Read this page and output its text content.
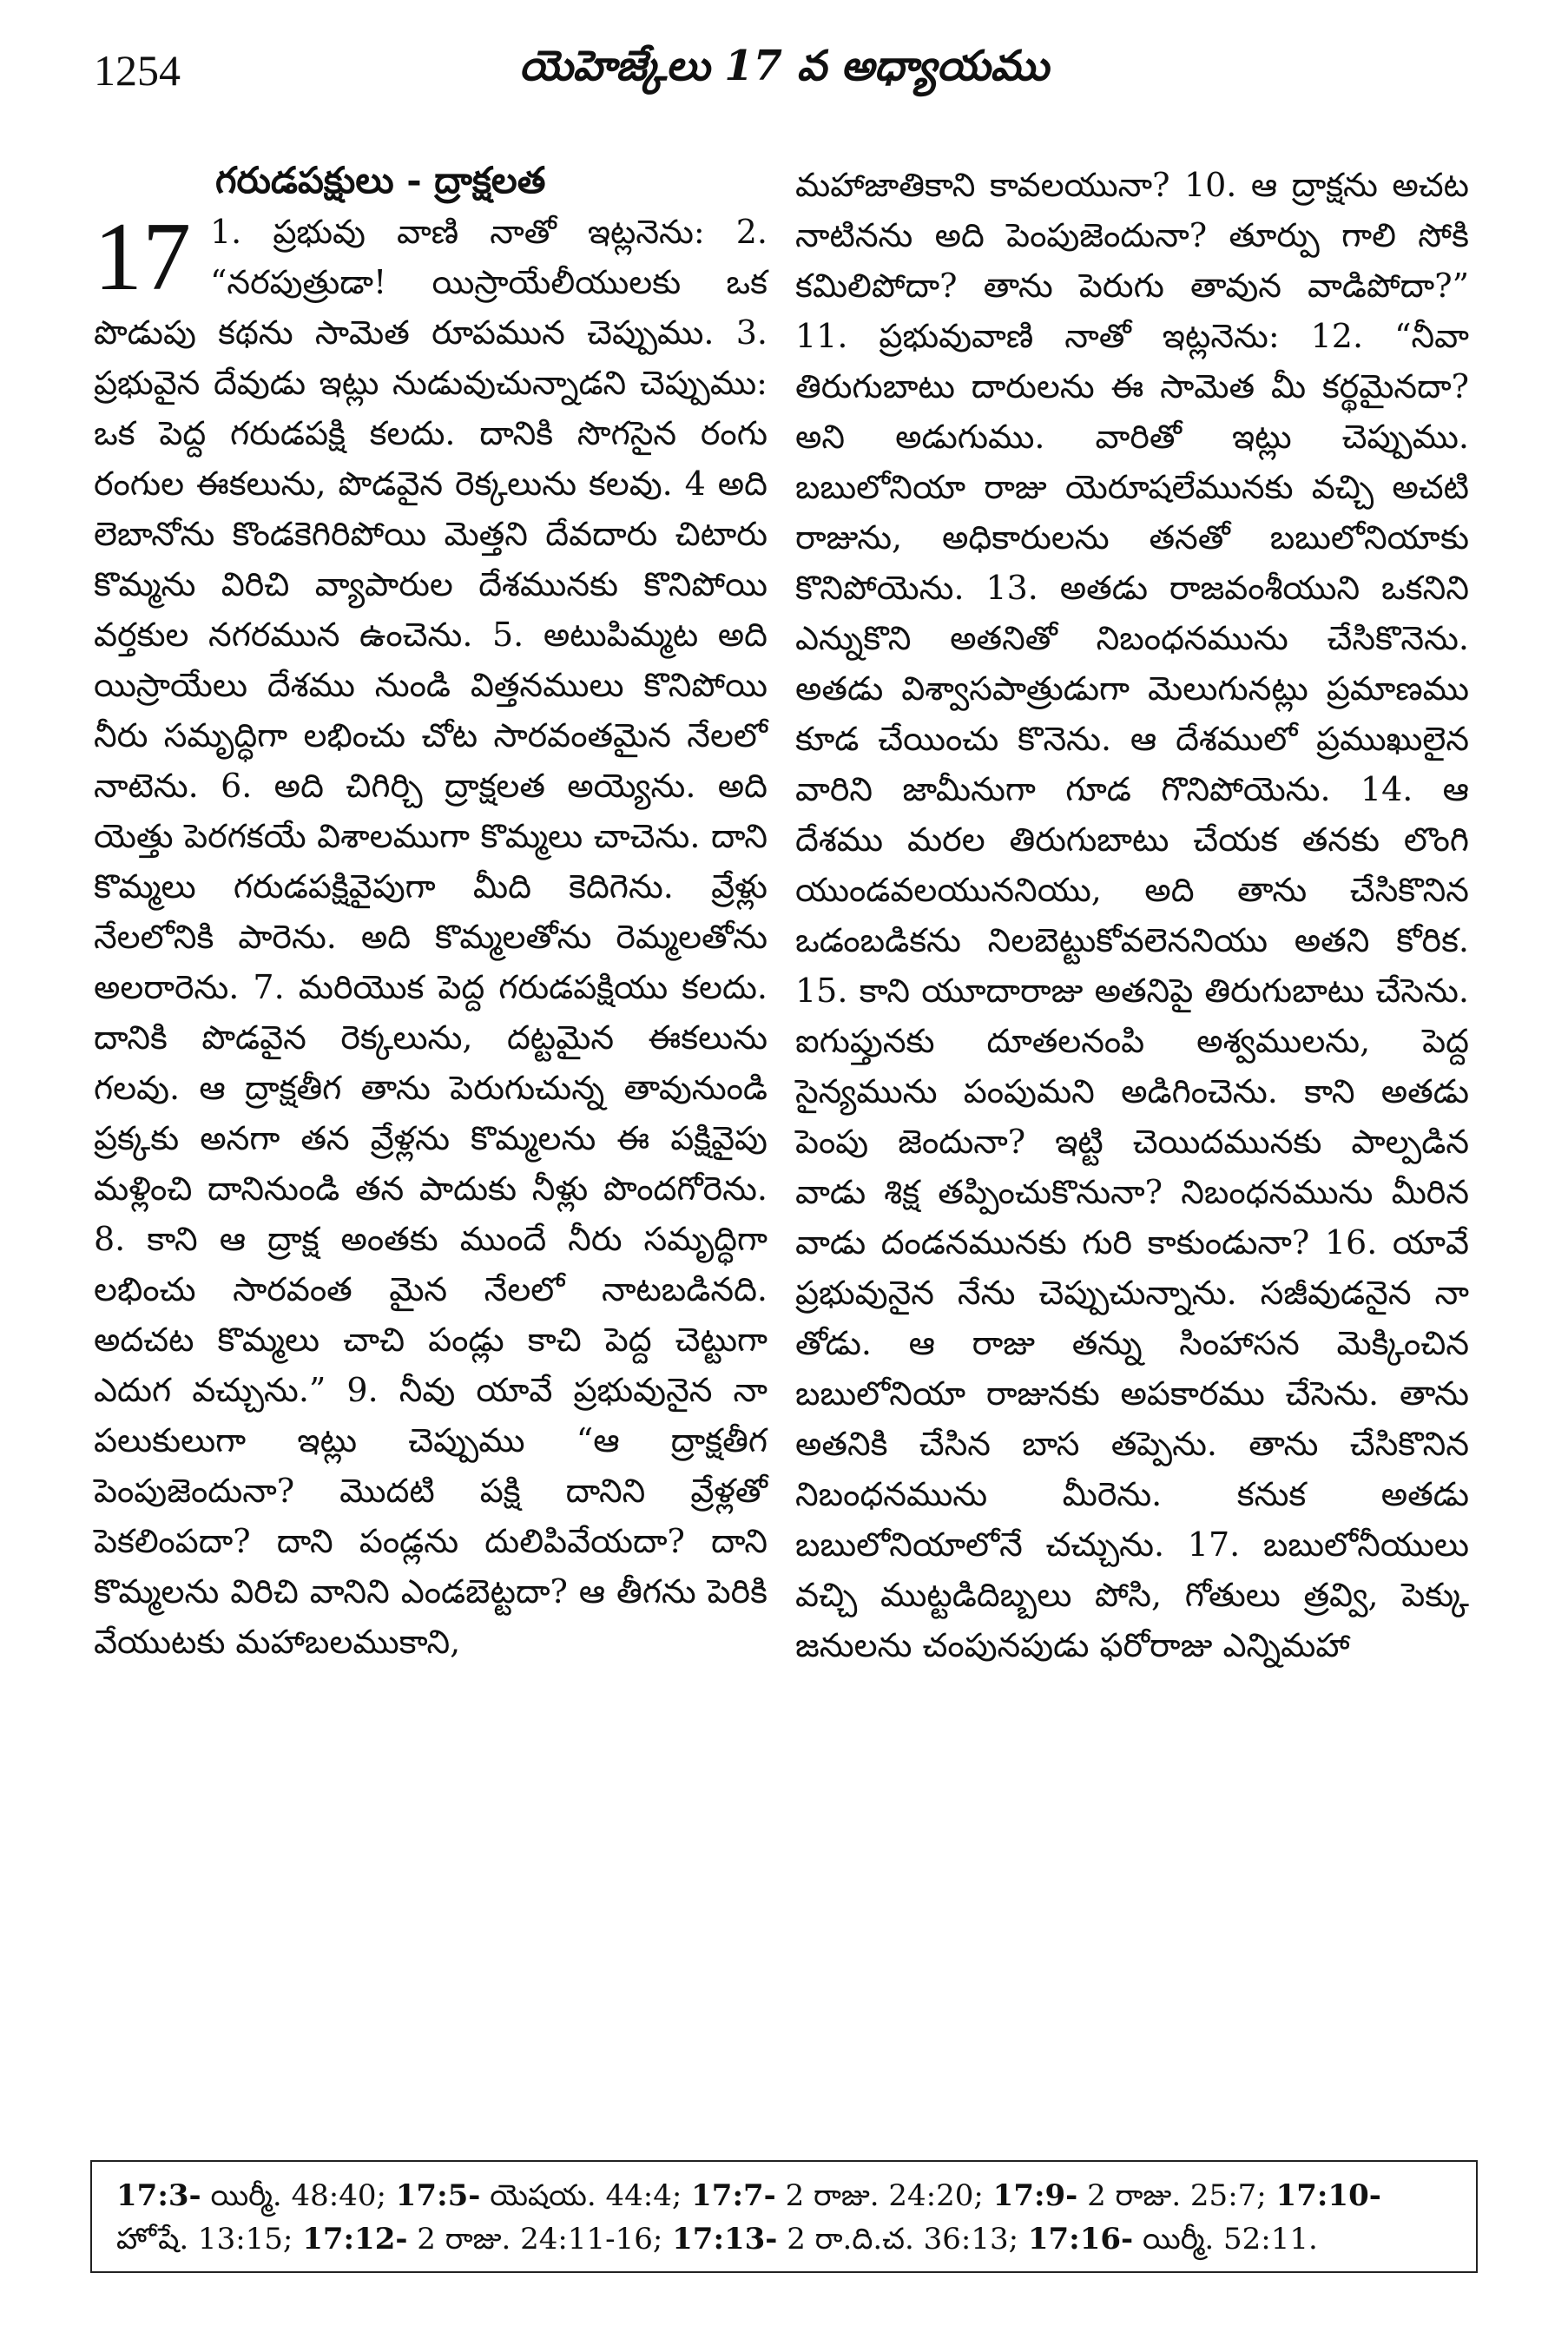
1254	యెహెజ్కేలు 17 వ అధ్యాయము
గరుడపక్షులు - ద్రాక్షలత
17 1. ప్రభువు వాణి నాతో ఇట్లనెను: 2. “నరపుత్రుడా! యిస్రాయేలీయులకు ఒక పొడుపు కథను సామెత రూపమున చెప్పుము. 3. ప్రభువైన దేవుడు ఇట్లు నుడువుచున్నాడని చెప్పుము: ఒక పెద్ద గరుడపక్షి కలదు. దానికి సొగసైన రంగు రంగుల ఈకలును, పొడవైన రెక్కలును కలవు. 4 అది లెబానోను కొండకెగిరిపోయి మెత్తని దేవదారు చిటారు కొమ్మను విరిచి వ్యాపారుల దేశమునకు కొనిపోయి వర్తకుల నగరమున ఉంచెను. 5. అటుపిమ్మట అది యిస్రాయేలు దేశము నుండి విత్తనములు కొనిపోయి నీరు సమృద్ధిగా లభించు చోట సారవంతమైన నేలలో నాటెను. 6. అది చిగిర్చి ద్రాక్షలత అయ్యెను. అది యెత్తు పెరగకయే విశాలముగా కొమ్మలు చాచెను. దాని కొమ్మలు గరుడపక్షివైపుగా మీది కెదిగెను. వ్రేళ్లు నేలలోనికి పారెను. అది కొమ్మలతోను రెమ్మలతోను అలరారెను. 7. మరియొక పెద్ద గరుడపక్షియు కలదు. దానికి పొడవైన రెక్కలును, దట్టమైన ఈకలును గలవు. ఆ ద్రాక్షతీగ తాను పెరుగుచున్న తావునుండి ప్రక్కకు అనగా తన వ్రేళ్లను కొమ్మలను ఈ పక్షివైపు మళ్లించి దానినుండి తన పాదుకు నీళ్లు పొందగోరెను. 8. కాని ఆ ద్రాక్ష అంతకు ముందే నీరు సమృద్ధిగా లభించు సారవంత మైన నేలలో నాటబడినది. అదచట కొమ్మలు చాచి పండ్లు కాచి పెద్ద చెట్టుగా ఎదుగ వచ్చును.” 9. నీవు యావే ప్రభువునైన నా పలుకులుగా ఇట్లు చెప్పుము “ఆ ద్రాక్షతీగ పెంపుజెందునా? మొదటి పక్షి దానిని వ్రేళ్లతో పెకలింపదా? దాని పండ్లను దులిపివేయదా? దాని కొమ్మలను విరిచి వానిని ఎండబెట్టదా? ఆ తీగను పెరికి వేయుటకు మహాబలముకాని,

మహాజాతికాని కావలయునా? 10. ఆ ద్రాక్షను అచట నాటినను అది పెంపుజెందునా? తూర్పు గాలి సోకి కమిలిపోదా? తాను పెరుగు తావున వాడిపోదా?” 11. ప్రభువువాణి నాతో ఇట్లనెను: 12. “నీవా తిరుగుబాటు దారులను ఈ సామెత మీ కర్థమైనదా? అని అడుగుము. వారితో ఇట్లు చెప్పుము. బబులోనియా రాజు యెరూషలేమునకు వచ్చి అచటి రాజును, అధికారులను తనతో బబులోనియాకు కొనిపోయెను. 13. అతడు రాజవంశీయుని ఒకనిని ఎన్నుకొని అతనితో నిబంధనమును చేసికొనెను. అతడు విశ్వాసపాత్రుడుగా మెలుగునట్లు ప్రమాణము కూడ చేయించు కొనెను. ఆ దేశములో ప్రముఖులైన వారిని జామీనుగా గూడ గొనిపోయెను. 14. ఆ దేశము మరల తిరుగుబాటు చేయక తనకు లొంగి యుండవలయుననియు, అది తాను చేసికొనిన ఒడంబడికను నిలబెట్టుకోవలెననియు అతని కోరిక. 15. కాని యూదారాజు అతనిపై తిరుగుబాటు చేసెను. ఐగుప్తునకు దూతలనంపి అశ్వములను, పెద్ద సైన్యమును పంపుమని అడిగించెను. కాని అతడు పెంపు జెందునా? ఇట్టి చెయిదమునకు పాల్పడిన వాడు శిక్ష తప్పించుకొనునా? నిబంధనమును మీరిన వాడు దండనమునకు గురి కాకుండునా? 16. యావే ప్రభువునైన నేను చెప్పుచున్నాను. సజీవుడనైన నా తోడు. ఆ రాజు తన్ను సింహాసన మెక్కించిన బబులోనియా రాజునకు అపకారము చేసెను. తాను అతనికి చేసిన బాస తప్పెను. తాను చేసికొనిన నిబంధనమును మీరెను. కనుక అతడు బబులోనియాలోనే చచ్చును. 17. బబులోనీయులు వచ్చి ముట్టడిదిబ్బలు పోసి, గోతులు త్రవ్వి, పెక్కు జనులను చంపునపుడు ఫరోరాజు ఎన్నిమహా

17:3- యిర్మీ. 48:40; 17:5- యెషయ. 44:4; 17:7- 2 రాజు. 24:20; 17:9- 2 రాజు. 25:7; 17:10- హోషే. 13:15; 17:12- 2 రాజు. 24:11-16; 17:13- 2 రా.ది.చ. 36:13; 17:16- యిర్మీ. 52:11.
